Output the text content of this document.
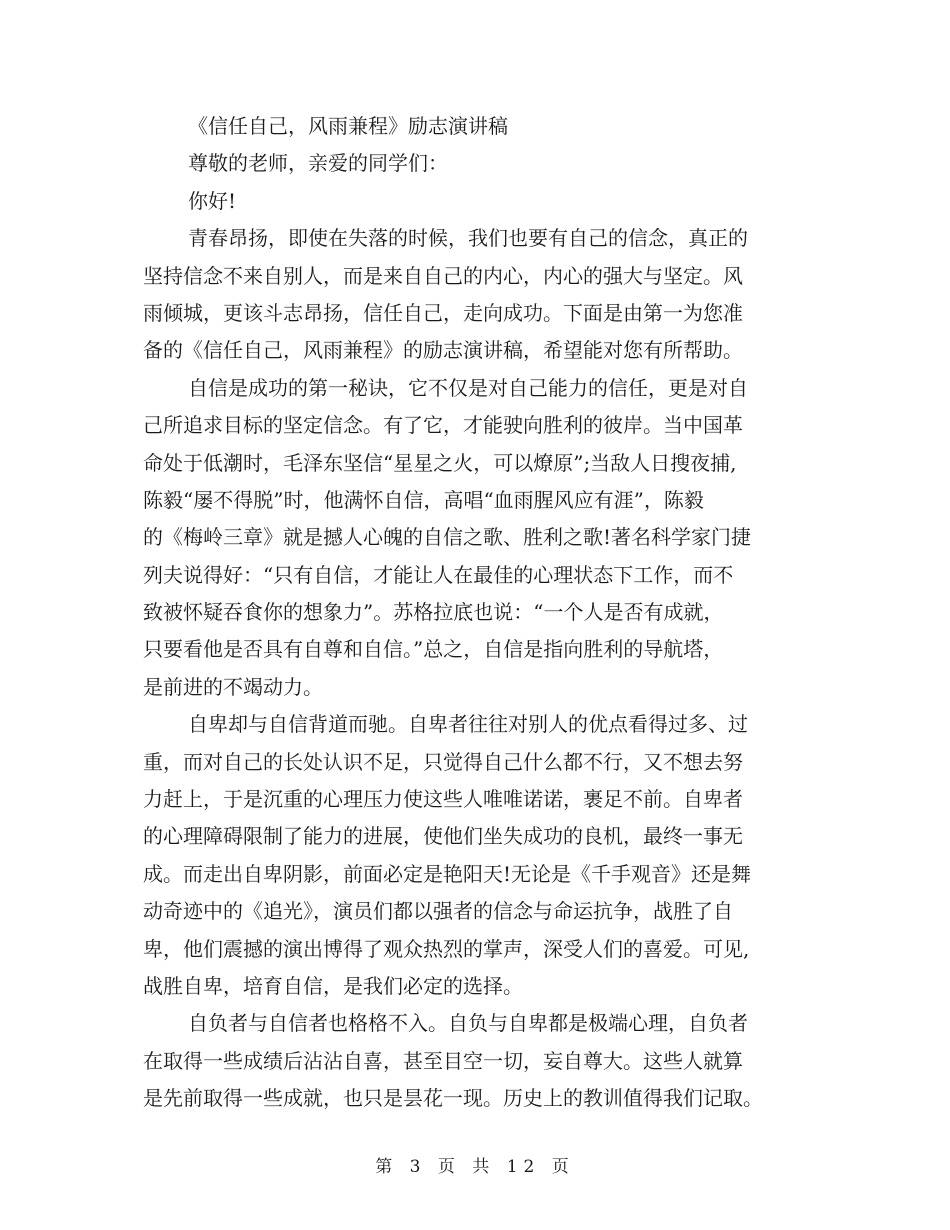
《信任自己，风雨兼程》励志演讲稿
尊敬的老师，亲爱的同学们：
你好!
青春昂扬，即使在失落的时候，我们也要有自己的信念，真正的
坚持信念不来自别人，而是来自自己的内心，内心的强大与坚定。风
雨倾城，更该斗志昂扬，信任自己，走向成功。下面是由第一为您准
备的《信任自己，风雨兼程》的励志演讲稿，希望能对您有所帮助。
自信是成功的第一秘诀，它不仅是对自己能力的信任，更是对自
己所追求目标的坚定信念。有了它，才能驶向胜利的彼岸。当中国革
命处于低潮时，毛泽东坚信“星星之火，可以燎原”;当敌人日搜夜捕,
陈毅“屡不得脱”时，他满怀自信，高唱“血雨腥风应有涯”，陈毅
的《梅岭三章》就是撼人心魄的自信之歌、胜利之歌!著名科学家门捷
列夫说得好：“只有自信，才能让人在最佳的心理状态下工作，而不
致被怀疑吞食你的想象力”。苏格拉底也说：“一个人是否有成就，
只要看他是否具有自尊和自信。”总之，自信是指向胜利的导航塔，
是前进的不竭动力。
自卑却与自信背道而驰。自卑者往往对别人的优点看得过多、过
重，而对自己的长处认识不足，只觉得自己什么都不行，又不想去努
力赶上，于是沉重的心理压力使这些人唯唯诺诺，裹足不前。自卑者
的心理障碍限制了能力的进展，使他们坐失成功的良机，最终一事无
成。而走出自卑阴影，前面必定是艳阳天!无论是《千手观音》还是舞
动奇迹中的《追光》，演员们都以强者的信念与命运抗争，战胜了自
卑，他们震撼的演出博得了观众热烈的掌声，深受人们的喜爱。可见,
战胜自卑，培育自信，是我们必定的选择。
自负者与自信者也格格不入。自负与自卑都是极端心理，自负者
在取得一些成绩后沾沾自喜，甚至目空一切，妄自尊大。这些人就算
是先前取得一些成就，也只是昙花一现。历史上的教训值得我们记取。
第 3 页 共 12 页
